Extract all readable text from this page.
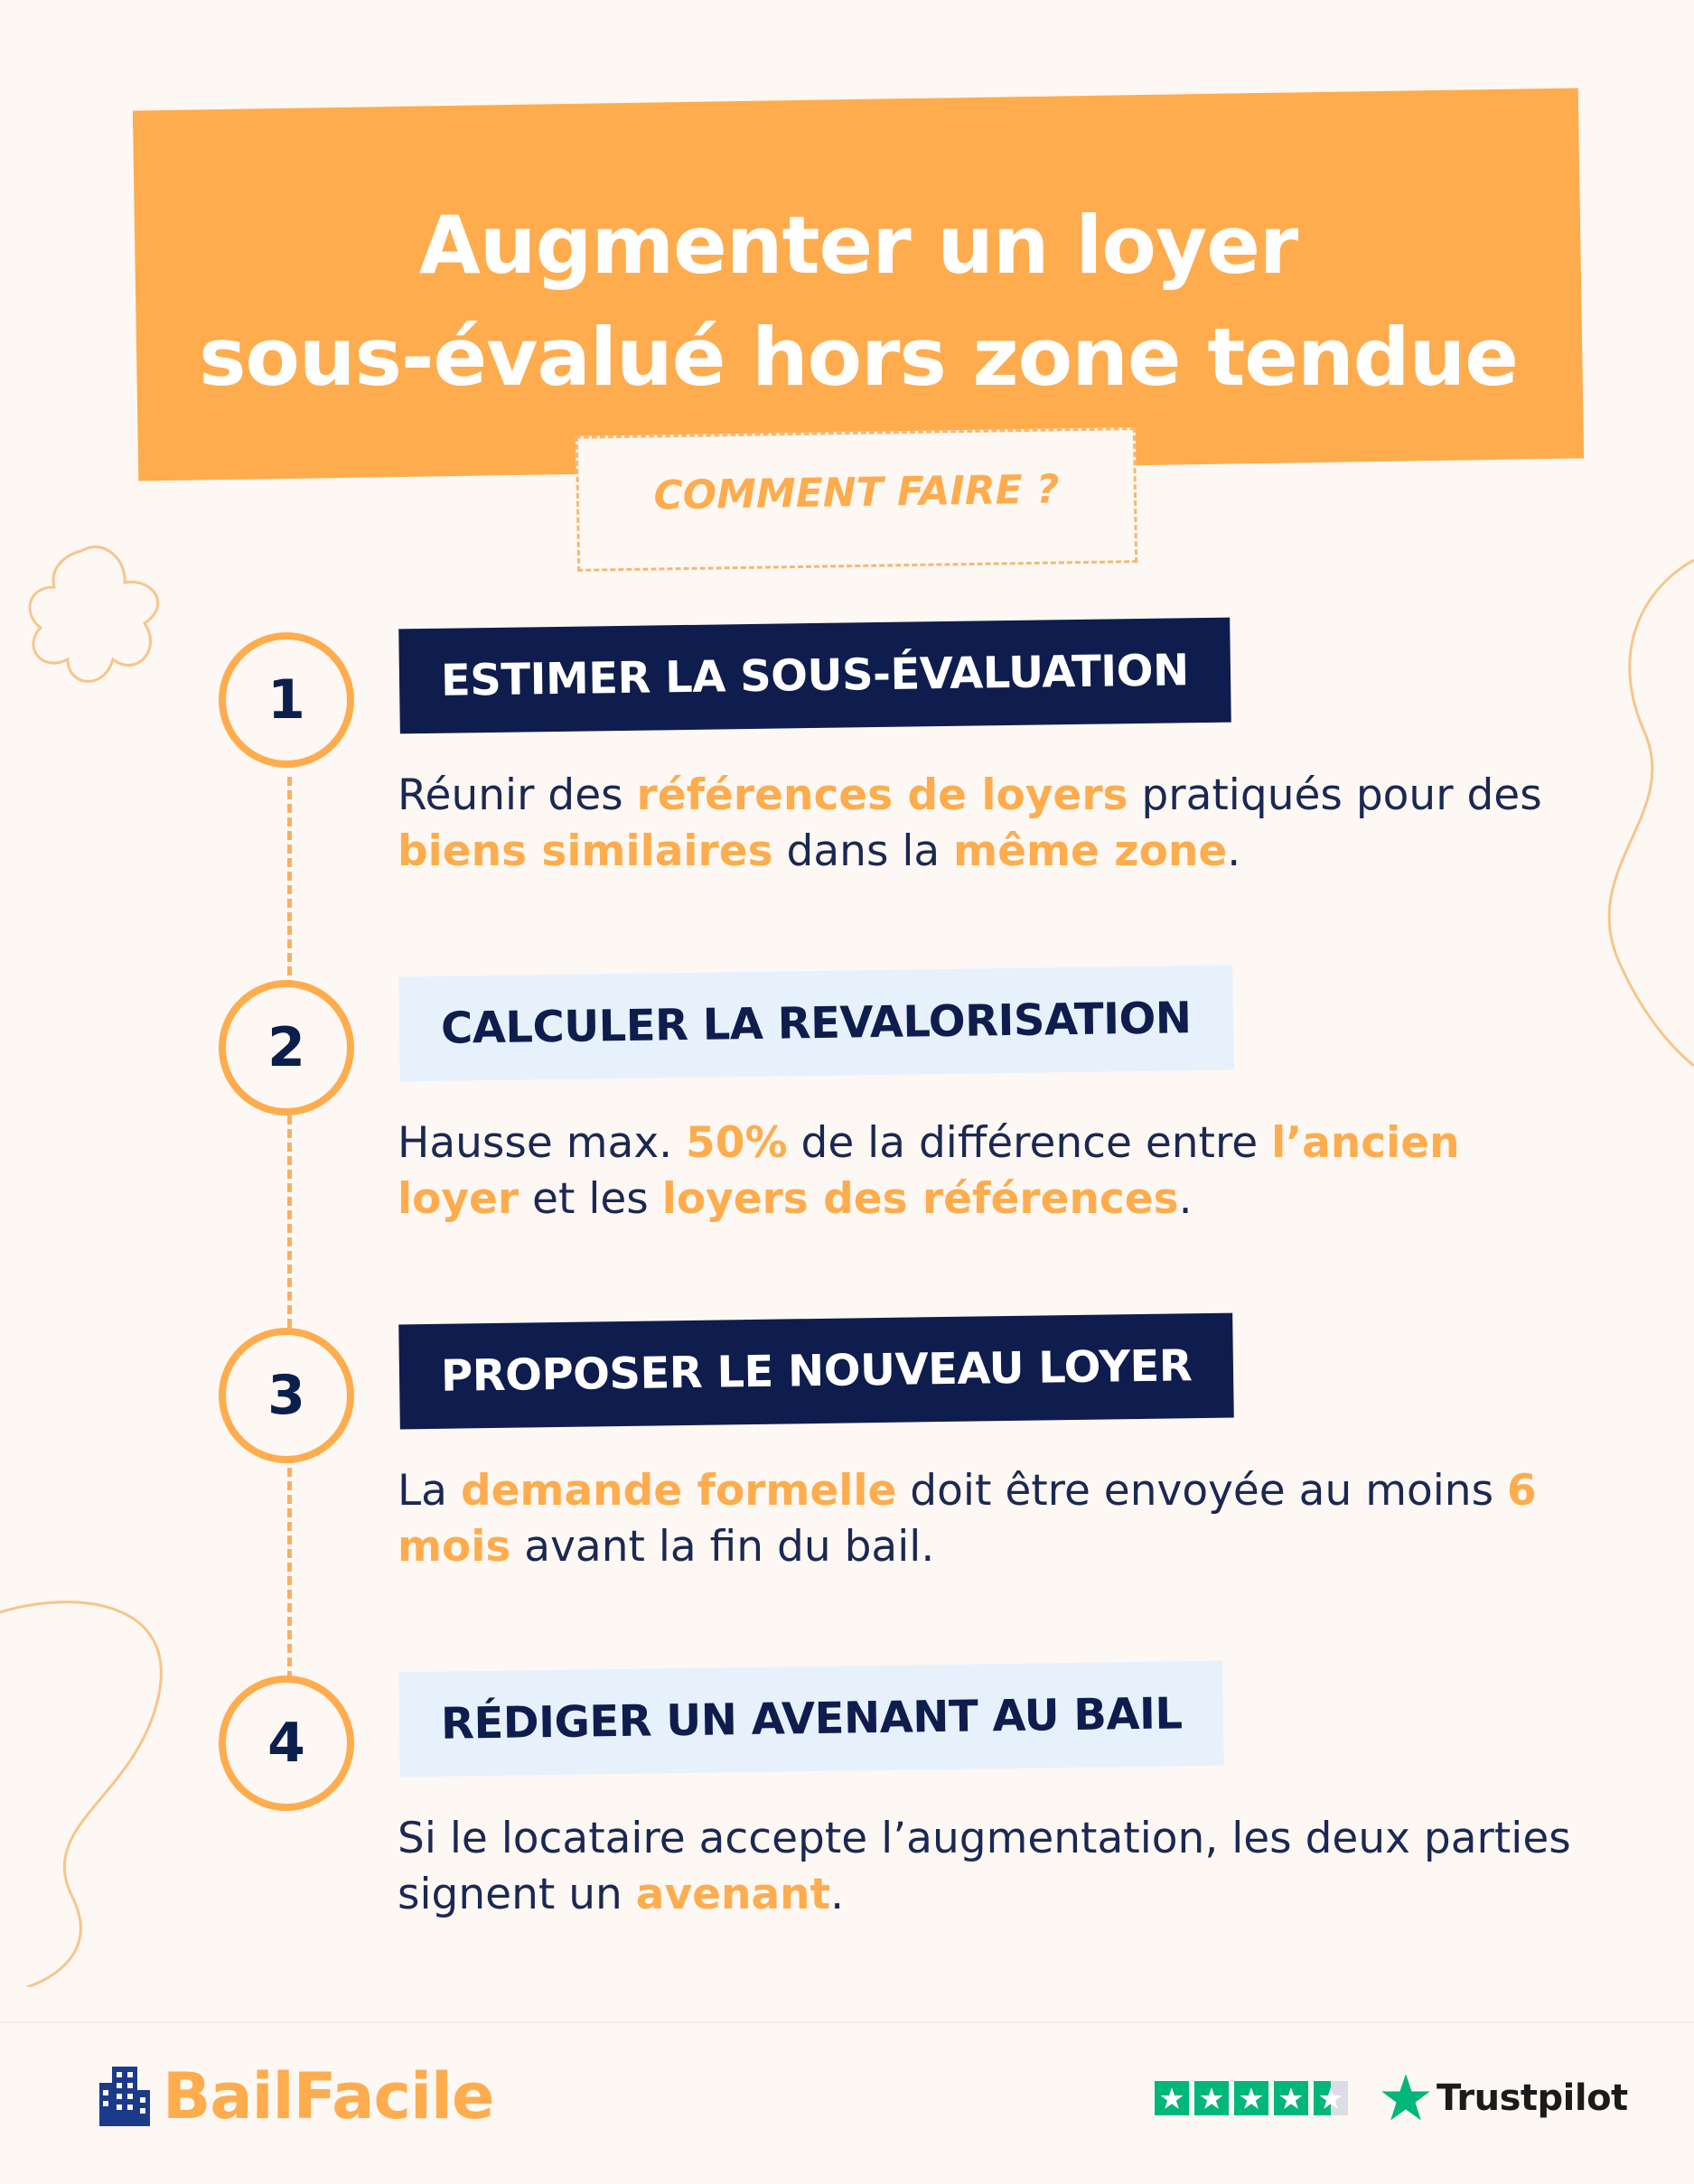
Augmenter un loyer
sous-évalué hors zone tendue
COMMENT FAIRE ?
1	ESTIMER LA SOUS-ÉVALUATION
Réunir des références de loyers pratiqués pour des biens similaires dans la même zone.
2	CALCULER LA REVALORISATION
Hausse max. 50% de la différence entre l’ancien loyer et les loyers des références.
3	PROPOSER LE NOUVEAU LOYER
La demande formelle doit être envoyée au moins 6 mois avant la fin du bail.
4	RÉDIGER UN AVENANT AU BAIL
Si le locataire accepte l’augmentation, les deux parties signent un avenant.
BailFacile	Trustpilot
